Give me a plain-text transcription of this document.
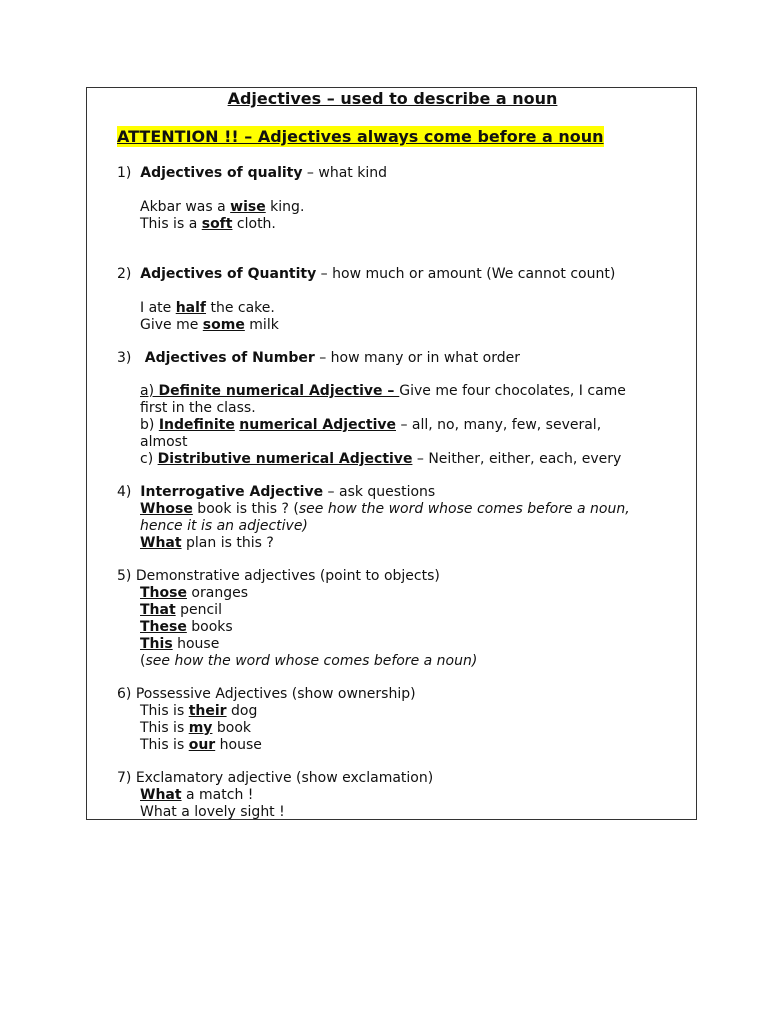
Adjectives – used to describe a noun
ATTENTION !! – Adjectives always come before a noun
1) Adjectives of quality – what kind
Akbar was a wise king.
This is a soft cloth.
2) Adjectives of Quantity – how much or amount (We cannot count)
I ate half the cake.
Give me some milk
3) Adjectives of Number – how many or in what order
a) Definite numerical Adjective – Give me four chocolates, I came
first in the class.
b) Indefinite numerical Adjective – all, no, many, few, several,
almost
c) Distributive numerical Adjective – Neither, either, each, every
4) Interrogative Adjective – ask questions
Whose book is this ? (see how the word whose comes before a noun,
hence it is an adjective)
What plan is this ?
5) Demonstrative adjectives (point to objects)
Those oranges
That pencil
These books
This house
(see how the word whose comes before a noun)
6) Possessive Adjectives (show ownership)
This is their dog
This is my book
This is our house
7) Exclamatory adjective (show exclamation)
What a match !
What a lovely sight !
